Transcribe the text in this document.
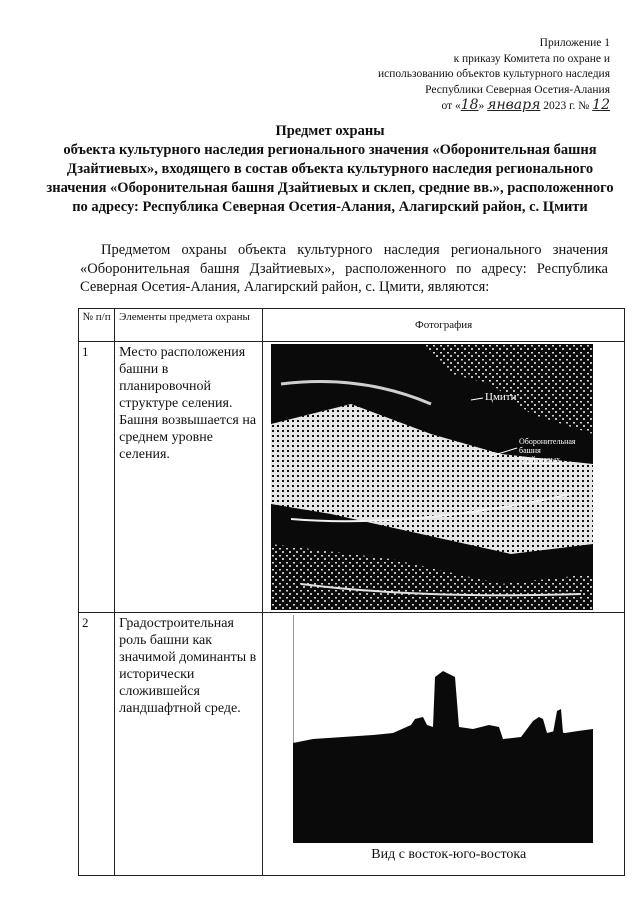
Приложение 1
к приказу Комитета по охране и
использованию объектов культурного наследия
Республики Северная Осетия-Алания
от «18» января 2023 г. № 12
Предмет охраны
объекта культурного наследия регионального значения «Оборонительная башня Дзайтиевых», входящего в состав объекта культурного наследия регионального значения «Оборонительная башня Дзайтиевых и склеп, средние вв.», расположенного по адресу: Республика Северная Осетия-Алания, Алагирский район, с. Цмити
Предметом охраны объекта культурного наследия регионального значения «Оборонительная башня Дзайтиевых», расположенного по адресу: Республика Северная Осетия-Алания, Алагирский район, с. Цмити, являются:
№ п/п	Элементы предмета охраны	Фотография
1	Место расположения башни в планировочной структуре селения. Башня возвышается на среднем уровне селения.	Цмити
Оборонительная
башня
Дзайтиевых

2	Градостроительная роль башни как значимой доминанты в исторически сложившейся ландшафтной среде.	Вид с восток-юго-востока
